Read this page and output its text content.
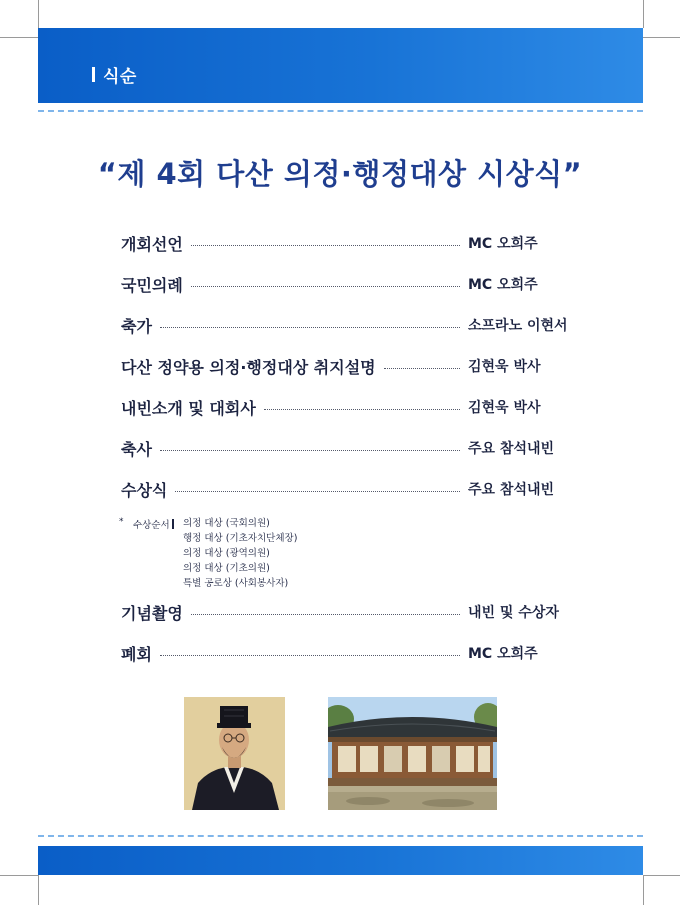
식순
“제 4회 다산 의정·행정대상 시상식”
개회선언	MC 오희주
국민의례	MC 오희주
축가	소프라노 이현서
다산 정약용 의정·행정대상 취지설명	김현욱 박사
내빈소개 및 대회사	김현욱 박사
축사	주요 참석내빈
수상식	주요 참석내빈
* 수상순서 의정 대상 (국회의원)
행정 대상 (기초자치단체장)
의정 대상 (광역의원)
의정 대상 (기초의원)
특별 공로상 (사회봉사자)
기념촬영	내빈 및 수상자
폐회	MC 오희주
